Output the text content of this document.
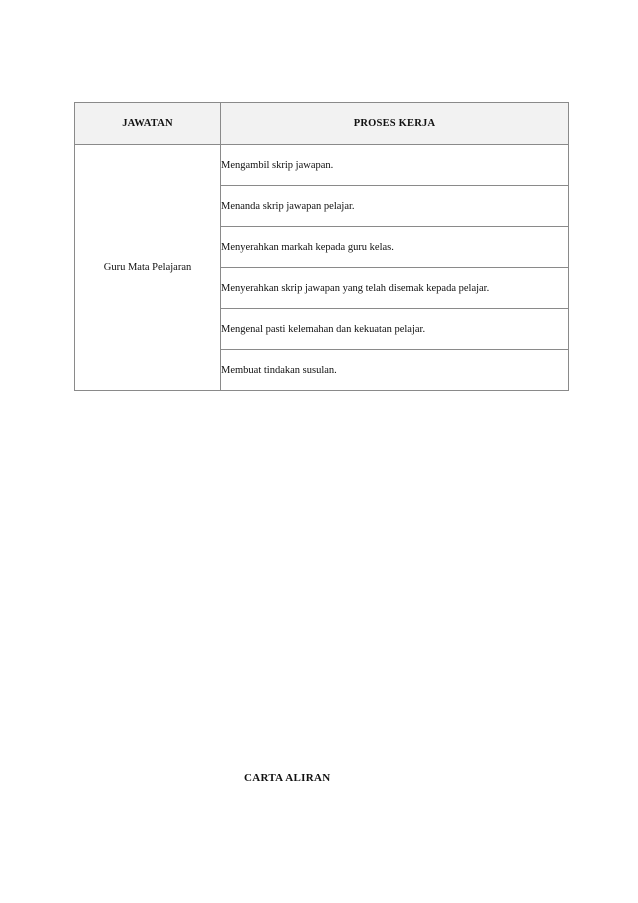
JAWATAN	PROSES KERJA
Guru Mata Pelajaran	Mengambil skrip jawapan.
	Menanda skrip jawapan pelajar.
	Menyerahkan markah kepada guru kelas.
	Menyerahkan skrip jawapan yang telah disemak kepada pelajar.
	Mengenal pasti kelemahan dan kekuatan pelajar.
	Membuat tindakan susulan.
CARTA ALIRAN
